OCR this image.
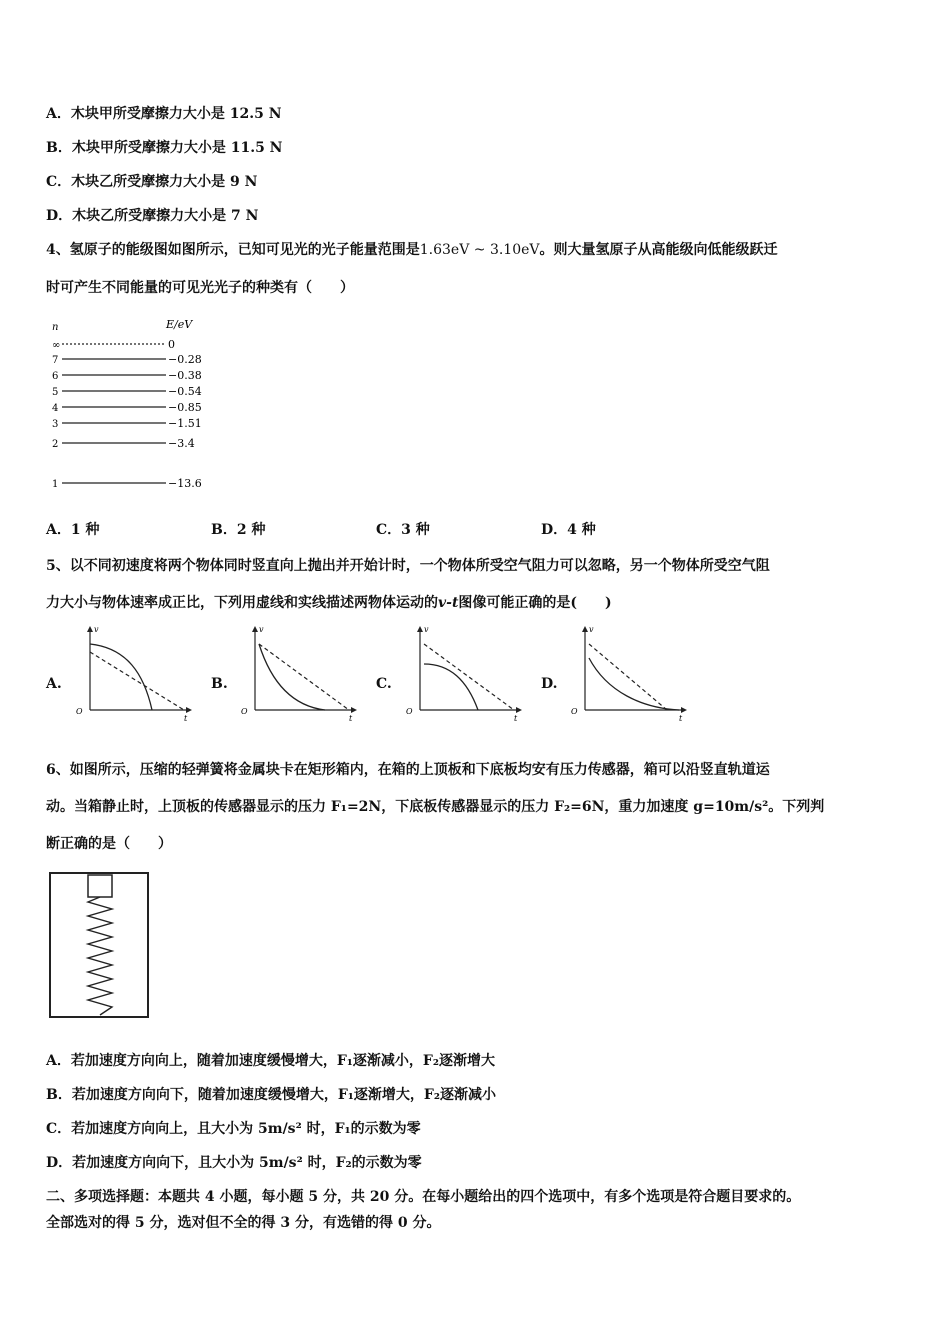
A．木块甲所受摩擦力大小是 12.5 N
B．木块甲所受摩擦力大小是 11.5 N
C．木块乙所受摩擦力大小是 9 N
D．木块乙所受摩擦力大小是 7 N
4、氢原子的能级图如图所示，已知可见光的光子能量范围是1.63eV ~ 3.10eV。则大量氢原子从高能级向低能级跃迁
时可产生不同能量的可见光光子的种类有（　　）
n	E/eV
∞	0
7	−0.28
6	−0.38
5	−0.54
4	−0.85
3	−1.51
2	−3.4
1	−13.6
A．1 种	B．2 种	C．3 种	D．4 种
5、以不同初速度将两个物体同时竖直向上抛出并开始计时，一个物体所受空气阻力可以忽略，另一个物体所受空气阻
力大小与物体速率成正比，下列用虚线和实线描述两物体运动的v-t图像可能正确的是(　　)
A.	B.	C.	D.
v
t
O
v
t
O
v
t
O
v
t
O
6、如图所示，压缩的轻弹簧将金属块卡在矩形箱内，在箱的上顶板和下底板均安有压力传感器，箱可以沿竖直轨道运
动。当箱静止时，上顶板的传感器显示的压力 F₁=2N，下底板传感器显示的压力 F₂=6N，重力加速度 g=10m/s²。下列判
断正确的是（　　）
A．若加速度方向向上，随着加速度缓慢增大，F₁逐渐减小，F₂逐渐增大
B．若加速度方向向下，随着加速度缓慢增大，F₁逐渐增大，F₂逐渐减小
C．若加速度方向向上，且大小为 5m/s² 时，F₁的示数为零
D．若加速度方向向下，且大小为 5m/s² 时，F₂的示数为零
二、多项选择题：本题共 4 小题，每小题 5 分，共 20 分。在每小题给出的四个选项中，有多个选项是符合题目要求的。
全部选对的得 5 分，选对但不全的得 3 分，有选错的得 0 分。
